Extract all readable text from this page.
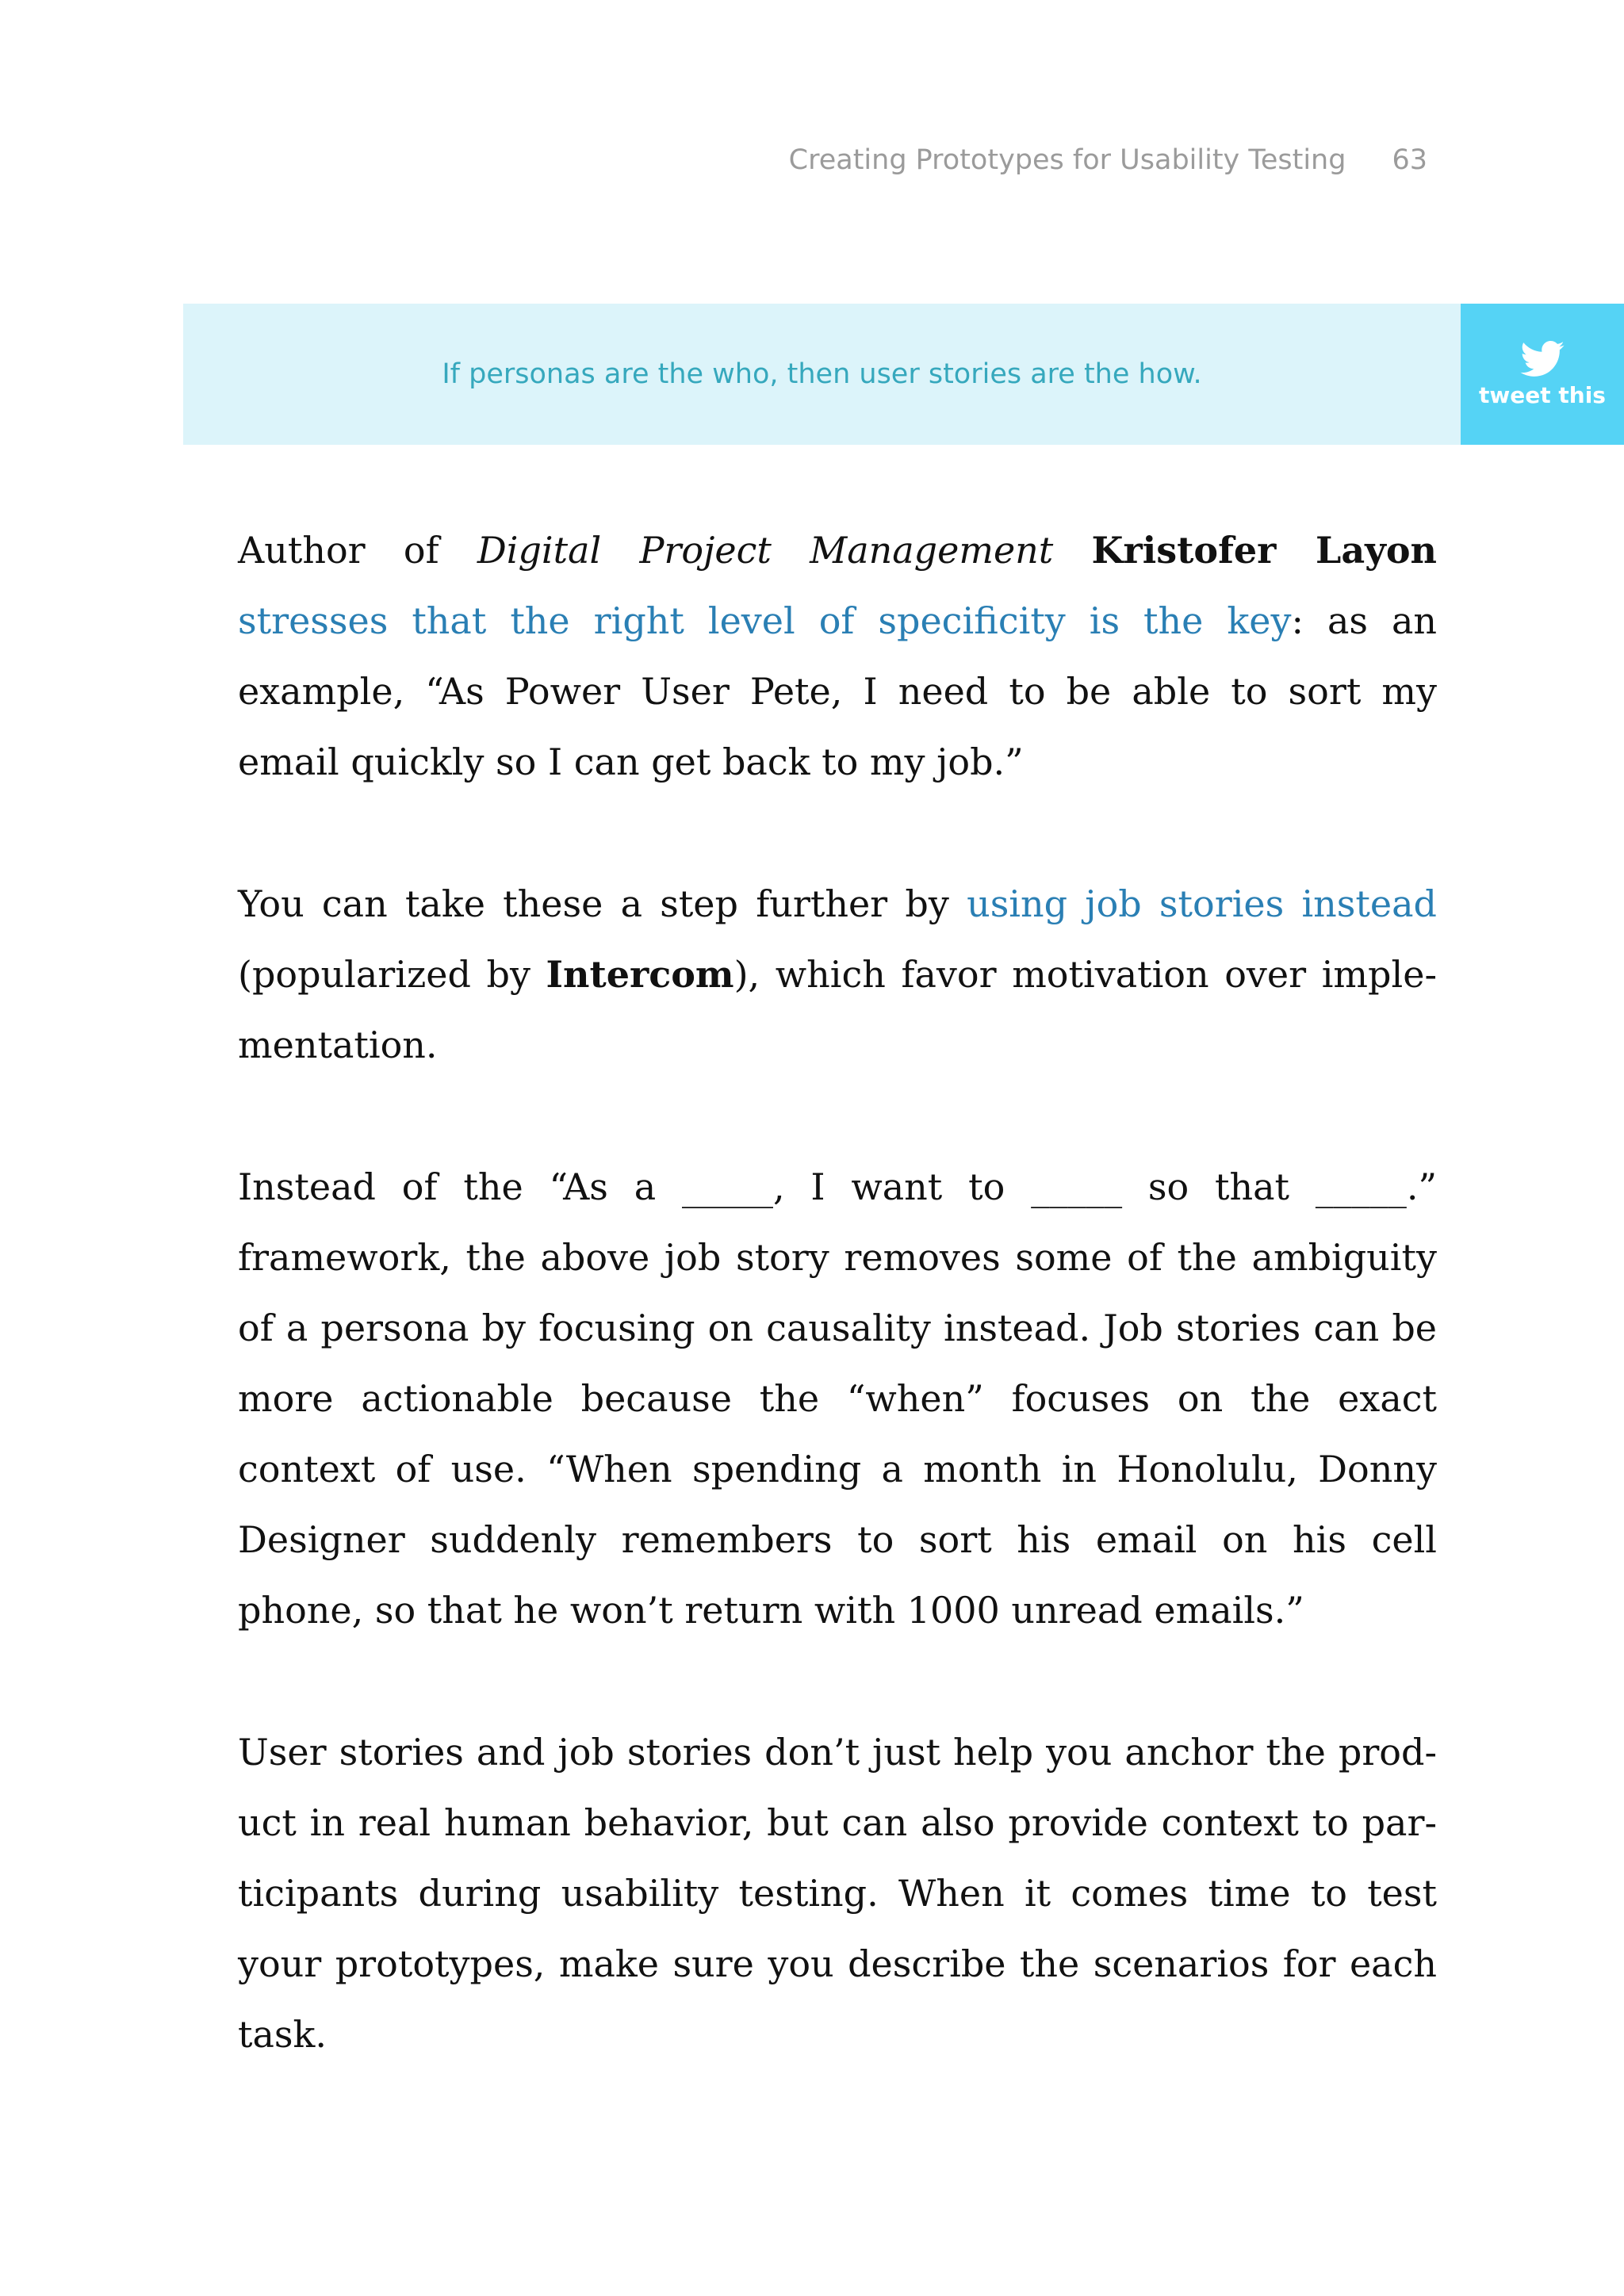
Creating Prototypes for Usability Testing 63
If personas are the who, then user stories are the how.
tweet this

Author of Digital Project Management Kristofer Layon stresses that the right level of specificity is the key: as an example, “As Power User Pete, I need to be able to sort my email quickly so I can get back to my job.”

You can take these a step further by using job stories instead (popularized by Intercom), which favor motivation over implementation.

Instead of the “As a _____, I want to _____ so that _____.” framework, the above job story removes some of the ambiguity of a persona by focusing on causality instead. Job stories can be more actionable because the “when” focuses on the exact context of use. “When spending a month in Honolulu, Donny Designer suddenly remembers to sort his email on his cell phone, so that he won’t return with 1000 unread emails.”

User stories and job stories don’t just help you anchor the product in real human behavior, but can also provide context to participants during usability testing. When it comes time to test your prototypes, make sure you describe the scenarios for each task.
